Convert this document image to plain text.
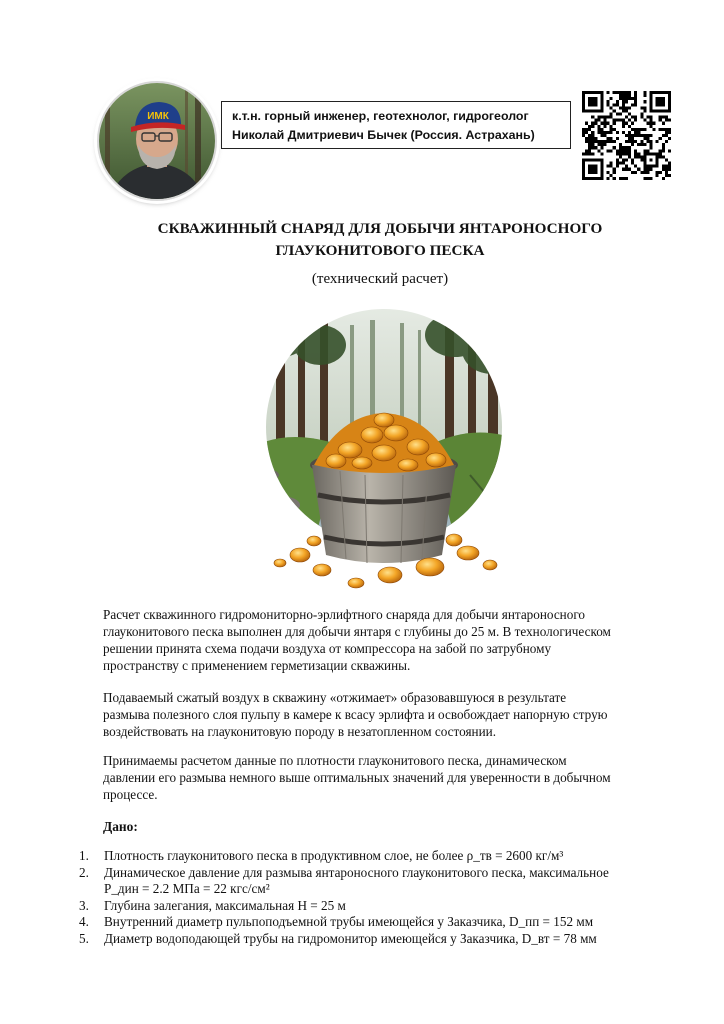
ИМК	к.т.н. горный инженер, геотехнолог, гидрогеолог
Николай Дмитриевич Бычек (Россия. Астрахань)
СКВАЖИННЫЙ СНАРЯД ДЛЯ ДОБЫЧИ ЯНТАРОНОСНОГО
ГЛАУКОНИТОВОГО ПЕСКА
(технический расчет)
Расчет скважинного гидромониторно-эрлифтного снаряда для добычи янтароносного
глауконитового песка выполнен для добычи янтаря с глубины до 25 м. В технологическом
решении принята схема подачи воздуха от компрессора на забой по затрубному
пространству с применением герметизации скважины.
Подаваемый сжатый воздух в скважину «отжимает» образовавшуюся в результате
размыва полезного слоя пульпу в камере к всасу эрлифта и освобождает напорную струю
воздействовать на глауконитовую породу в незатопленном состоянии.
Принимаемы расчетом данные по плотности глауконитового песка, динамическом
давлении его размыва немного выше оптимальных значений для уверенности в добычном
процессе.
Дано:
1. Плотность глауконитового песка в продуктивном слое, не более ρ_тв = 2600 кг/м³
2. Динамическое давление для размыва янтароносного глауконитового песка, максимальное
P_дин = 2.2 МПа = 22 кгс/см²
3. Глубина залегания, максимальная H = 25 м
4. Внутренний диаметр пульпоподъемной трубы имеющейся у Заказчика, D_пп = 152 мм
5. Диаметр водоподающей трубы на гидромонитор имеющейся у Заказчика, D_вт = 78 мм
